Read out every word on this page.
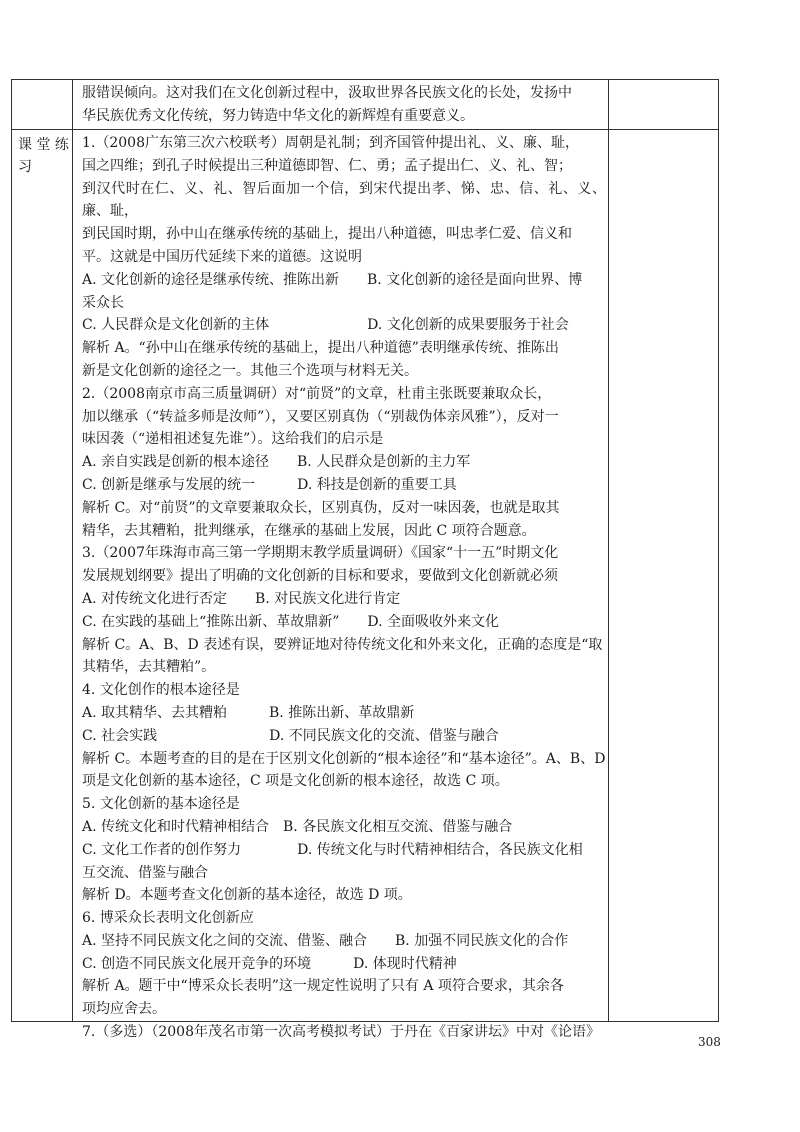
服错误倾向。这对我们在文化创新过程中，汲取世界各民族文化的长处，发扬中

华民族优秀文化传统，努力铸造中华文化的新辉煌有重要意义。

课 堂 练 习

1.（2008广东第三次六校联考）周朝是礼制；到齐国管仲提出礼、义、廉、耻，

国之四维；到孔子时候提出三种道德即智、仁、勇；孟子提出仁、义、礼、智；

到汉代时在仁、义、礼、智后面加一个信，到宋代提出孝、悌、忠、信、礼、义、廉、耻，

到民国时期，孙中山在继承传统的基础上，提出八种道德，叫忠孝仁爱、信义和

平。这就是中国历代延续下来的道德。这说明

A. 文化创新的途径是继承传统、推陈出新　　B. 文化创新的途径是面向世界、博

采众长

C. 人民群众是文化创新的主体　　　　　　　D. 文化创新的成果要服务于社会

解析 A。“孙中山在继承传统的基础上，提出八种道德”表明继承传统、推陈出

新是文化创新的途径之一。其他三个选项与材料无关。

2.（2008南京市高三质量调研）对“前贤”的文章，杜甫主张既要兼取众长，

加以继承（“转益多师是汝师”），又要区别真伪（“别裁伪体亲风雅”），反对一

味因袭（“递相祖述复先谁”）。这给我们的启示是

A. 亲自实践是创新的根本途径　　B. 人民群众是创新的主力军

C. 创新是继承与发展的统一　　　D. 科技是创新的重要工具

解析 C。对“前贤”的文章要兼取众长，区别真伪，反对一味因袭，也就是取其

精华，去其糟粕，批判继承，在继承的基础上发展，因此 C 项符合题意。

3.（2007年珠海市高三第一学期期末教学质量调研）《国家“十一五”时期文化

发展规划纲要》提出了明确的文化创新的目标和要求，要做到文化创新就必须

A. 对传统文化进行否定　　B. 对民族文化进行肯定

C. 在实践的基础上“推陈出新、革故鼎新”　　D. 全面吸收外来文化

解析 C。A、B、D 表述有误，要辨证地对待传统文化和外来文化，正确的态度是“取

其精华，去其糟粕”。

4. 文化创作的根本途径是

A. 取其精华、去其糟粕　　　B. 推陈出新、革故鼎新

C. 社会实践　　　　　　　　D. 不同民族文化的交流、借鉴与融合

解析 C。本题考查的目的是在于区别文化创新的“根本途径”和“基本途径”。A、B、D

项是文化创新的基本途径，C 项是文化创新的根本途径，故选 C 项。

5. 文化创新的基本途径是

A. 传统文化和时代精神相结合　B. 各民族文化相互交流、借鉴与融合

C. 文化工作者的创作努力　　　　D. 传统文化与时代精神相结合，各民族文化相

互交流、借鉴与融合

解析 D。本题考查文化创新的基本途径，故选 D 项。

6. 博采众长表明文化创新应

A. 坚持不同民族文化之间的交流、借鉴、融合　　B. 加强不同民族文化的合作

C. 创造不同民族文化展开竞争的环境　　　D. 体现时代精神

解析 A。题干中“博采众长表明”这一规定性说明了只有 A 项符合要求，其余各

项均应舍去。

7.（多选）（2008年茂名市第一次高考模拟考试）于丹在《百家讲坛》中对《论语》

308
